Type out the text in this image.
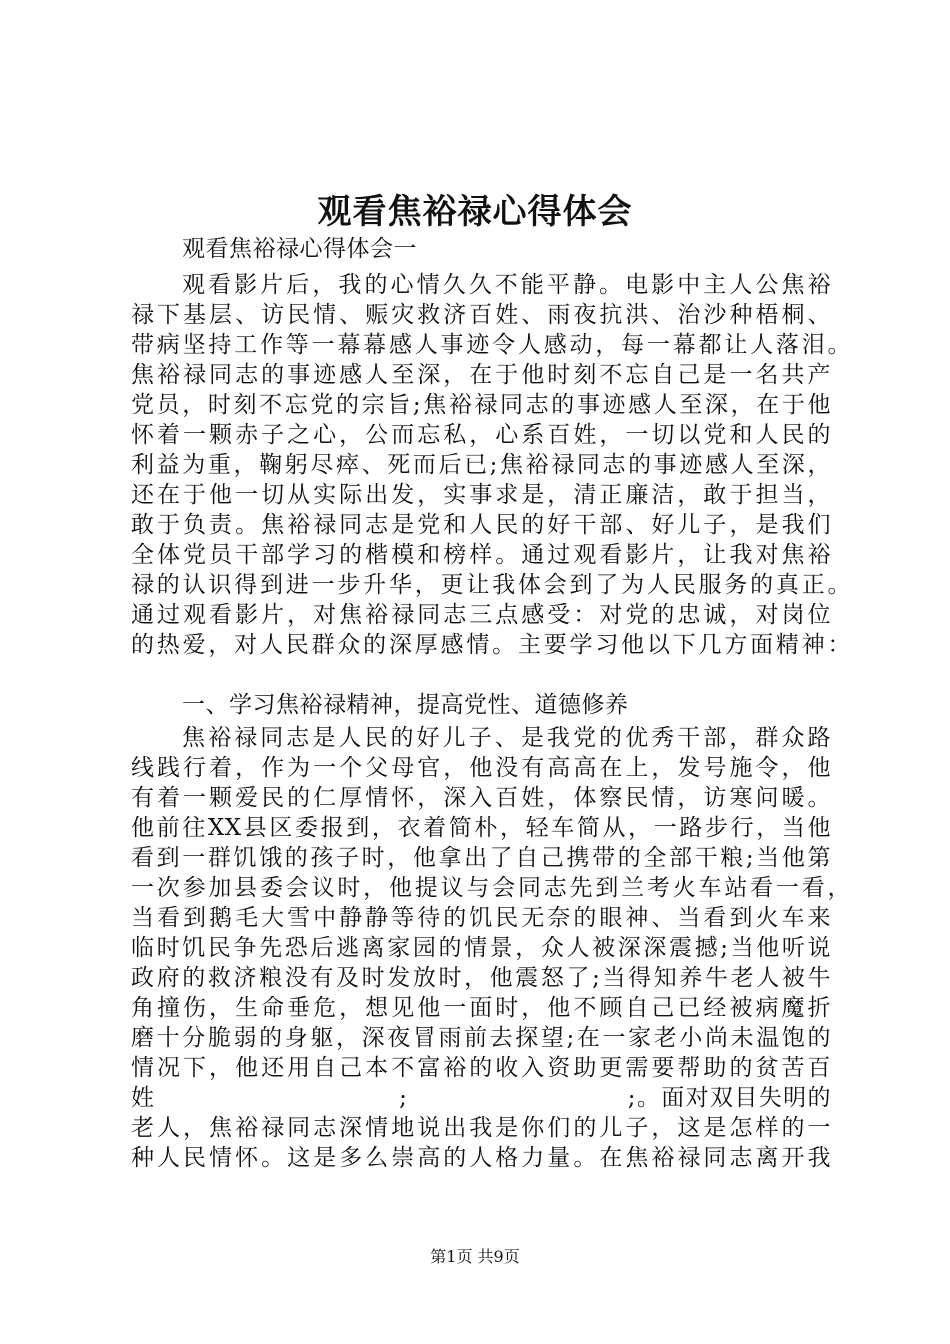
观看焦裕禄心得体会
观看焦裕禄心得体会一
观看影片后，我的心情久久不能平静。电影中主人公焦裕
禄下基层、访民情、赈灾救济百姓、雨夜抗洪、治沙种梧桐、
带病坚持工作等一幕幕感人事迹令人感动，每一幕都让人落泪。
焦裕禄同志的事迹感人至深，在于他时刻不忘自己是一名共产
党员，时刻不忘党的宗旨;焦裕禄同志的事迹感人至深，在于他
怀着一颗赤子之心，公而忘私，心系百姓，一切以党和人民的
利益为重，鞠躬尽瘁、死而后已;焦裕禄同志的事迹感人至深，
还在于他一切从实际出发，实事求是，清正廉洁，敢于担当，
敢于负责。焦裕禄同志是党和人民的好干部、好儿子，是我们
全体党员干部学习的楷模和榜样。通过观看影片，让我对焦裕
禄的认识得到进一步升华，更让我体会到了为人民服务的真正。
通过观看影片，对焦裕禄同志三点感受：对党的忠诚，对岗位
的热爱，对人民群众的深厚感情。主要学习他以下几方面精神：
一、学习焦裕禄精神，提高党性、道德修养
焦裕禄同志是人民的好儿子、是我党的优秀干部，群众路
线践行着，作为一个父母官，他没有高高在上，发号施令，他
有着一颗爱民的仁厚情怀，深入百姓，体察民情，访寒问暖。
他前往XX县区委报到，衣着简朴，轻车简从，一路步行，当他
看到一群饥饿的孩子时，他拿出了自己携带的全部干粮;当他第
一次参加县委会议时，他提议与会同志先到兰考火车站看一看，
当看到鹅毛大雪中静静等待的饥民无奈的眼神、当看到火车来
临时饥民争先恐后逃离家园的情景，众人被深深震撼;当他听说
政府的救济粮没有及时发放时，他震怒了;当得知养牛老人被牛
角撞伤，生命垂危，想见他一面时，他不顾自己已经被病魔折
磨十分脆弱的身躯，深夜冒雨前去探望;在一家老小尚未温饱的
情况下，他还用自己本不富裕的收入资助更需要帮助的贫苦百
姓　　　　　　　　　　;　　　　　　　　　;。面对双目失明的
老人，焦裕禄同志深情地说出我是你们的儿子，这是怎样的一
种人民情怀。这是多么崇高的人格力量。在焦裕禄同志离开我
第1页 共9页
